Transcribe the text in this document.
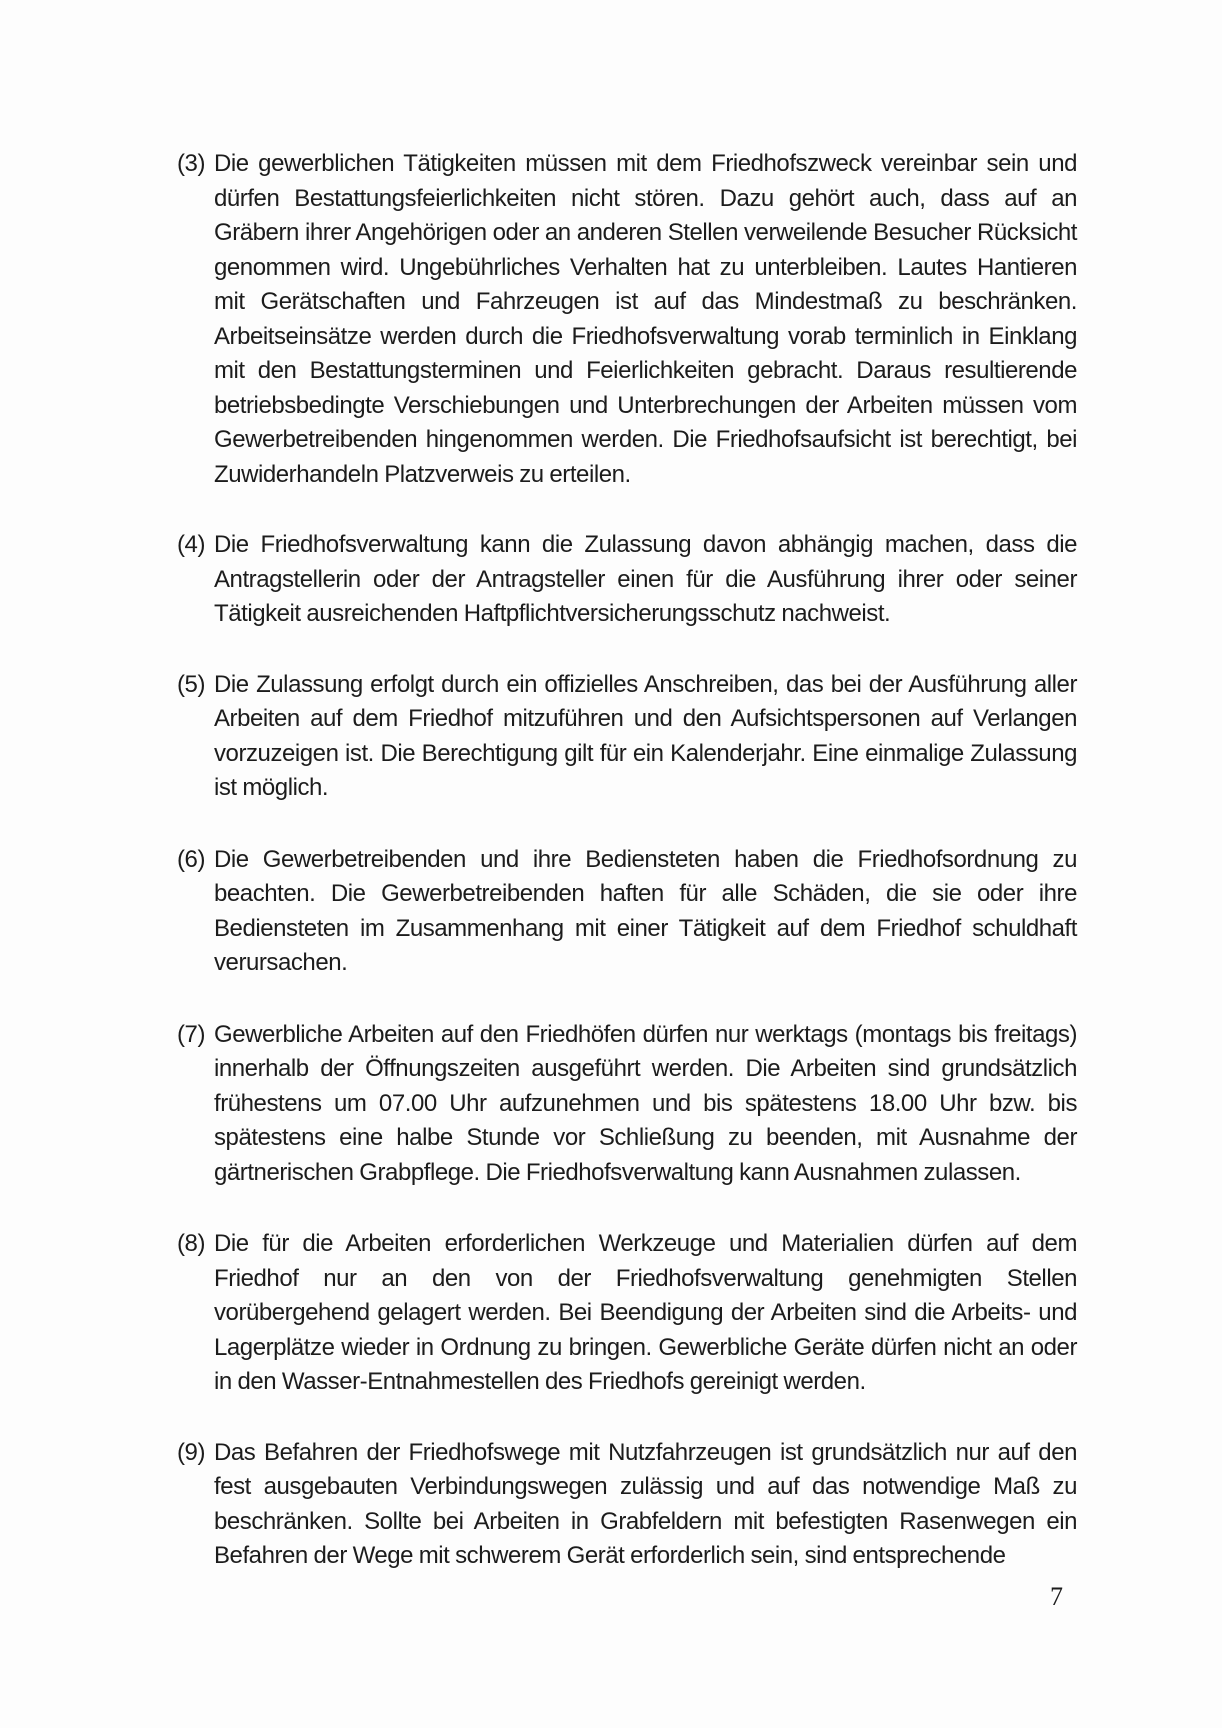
(3) Die gewerblichen Tätigkeiten müssen mit dem Friedhofszweck vereinbar sein und dürfen Bestattungsfeierlichkeiten nicht stören. Dazu gehört auch, dass auf an Gräbern ihrer Angehörigen oder an anderen Stellen verweilende Besucher Rücksicht genommen wird. Ungebührliches Verhalten hat zu unterbleiben. Lautes Hantieren mit Gerätschaften und Fahrzeugen ist auf das Mindestmaß zu beschränken. Arbeitseinsätze werden durch die Friedhofsverwaltung vorab terminlich in Einklang mit den Bestattungsterminen und Feierlichkeiten gebracht. Daraus resultierende betriebsbedingte Verschiebungen und Unterbrechungen der Arbeiten müssen vom Gewerbetreibenden hingenommen werden. Die Friedhofsaufsicht ist berechtigt, bei Zuwiderhandeln Platzverweis zu erteilen.
(4) Die Friedhofsverwaltung kann die Zulassung davon abhängig machen, dass die Antragstellerin oder der Antragsteller einen für die Ausführung ihrer oder seiner Tätigkeit ausreichenden Haftpflichtversicherungsschutz nachweist.
(5) Die Zulassung erfolgt durch ein offizielles Anschreiben, das bei der Ausführung aller Arbeiten auf dem Friedhof mitzuführen und den Aufsichtspersonen auf Verlangen vorzuzeigen ist. Die Berechtigung gilt für ein Kalenderjahr. Eine einmalige Zulassung ist möglich.
(6) Die Gewerbetreibenden und ihre Bediensteten haben die Friedhofsordnung zu beachten. Die Gewerbetreibenden haften für alle Schäden, die sie oder ihre Bediensteten im Zusammenhang mit einer Tätigkeit auf dem Friedhof schuldhaft verursachen.
(7) Gewerbliche Arbeiten auf den Friedhöfen dürfen nur werktags (montags bis freitags) innerhalb der Öffnungszeiten ausgeführt werden. Die Arbeiten sind grundsätzlich frühestens um 07.00 Uhr aufzunehmen und bis spätestens 18.00 Uhr bzw. bis spätestens eine halbe Stunde vor Schließung zu beenden, mit Ausnahme der gärtnerischen Grabpflege. Die Friedhofsverwaltung kann Ausnahmen zulassen.
(8) Die für die Arbeiten erforderlichen Werkzeuge und Materialien dürfen auf dem Friedhof nur an den von der Friedhofsverwaltung genehmigten Stellen vorübergehend gelagert werden. Bei Beendigung der Arbeiten sind die Arbeits- und Lagerplätze wieder in Ordnung zu bringen. Gewerbliche Geräte dürfen nicht an oder in den Wasser-Entnahmestellen des Friedhofs gereinigt werden.
(9) Das Befahren der Friedhofswege mit Nutzfahrzeugen ist grundsätzlich nur auf den fest ausgebauten Verbindungswegen zulässig und auf das notwendige Maß zu beschränken. Sollte bei Arbeiten in Grabfeldern mit befestigten Rasenwegen ein Befahren der Wege mit schwerem Gerät erforderlich sein, sind entsprechende
7
